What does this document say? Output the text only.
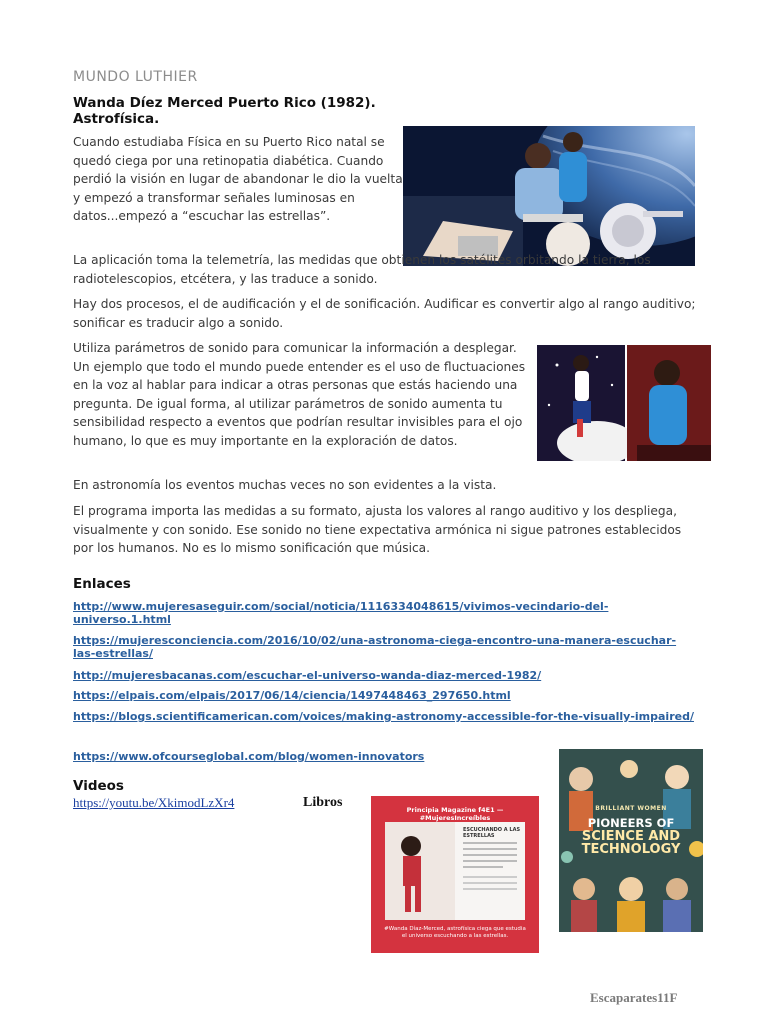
MUNDO LUTHIER
Wanda Díez Merced Puerto Rico (1982).
Astrofísica.

Cuando estudiaba Física en su Puerto Rico natal se quedó ciega por una retinopatia diabética. Cuando perdió la visión en lugar de abandonar le dio la vuelta y empezó a transformar señales luminosas en datos...empezó a “escuchar las estrellas”.

La aplicación toma la telemetría, las medidas que obtienen los satélites orbitando la tierra, los radiotelescopios, etcétera, y las traduce a sonido.

Hay dos procesos, el de audificación y el de sonificación. Audificar es convertir algo al rango auditivo; sonificar es traducir algo a sonido.

Utiliza parámetros de sonido para comunicar la información a desplegar. Un ejemplo que todo el mundo puede entender es el uso de fluctuaciones en la voz al hablar para indicar a otras personas que estás haciendo una pregunta. De igual forma, al utilizar parámetros de sonido aumenta tu sensibilidad respecto a eventos que podrían resultar invisibles para el ojo humano, lo que es muy importante en la exploración de datos.

En astronomía los eventos muchas veces no son evidentes a la vista.

El programa importa las medidas a su formato, ajusta los valores al rango auditivo y los despliega, visualmente y con sonido. Ese sonido no tiene expectativa armónica ni sigue patrones establecidos por los humanos. No es lo mismo sonificación que música.

Enlaces
http://www.mujeresaseguir.com/social/noticia/1116334048615/vivimos-vecindario-del-universo.1.html
https://mujeresconciencia.com/2016/10/02/una-astronoma-ciega-encontro-una-manera-escuchar-las-estrellas/
http://mujeresbacanas.com/escuchar-el-universo-wanda-diaz-merced-1982/
https://elpais.com/elpais/2017/06/14/ciencia/1497448463_297650.html
https://blogs.scientificamerican.com/voices/making-astronomy-accessible-for-the-visually-impaired/
https://www.ofcourseglobal.com/blog/women-innovators
Videos
https://youtu.be/XkimodLzXr4	Libros	Principia Magazine f4E1 — #MujeresIncreíbles
ESCUCHANDO A LAS ESTRELLAS
#Wanda Díaz-Merced, astrofísica ciega que estudia el universo escuchando a las estrellas.
BRILLIANT WOMEN
PIONEERS OF
SCIENCE AND
TECHNOLOGY
Escaparates11F
